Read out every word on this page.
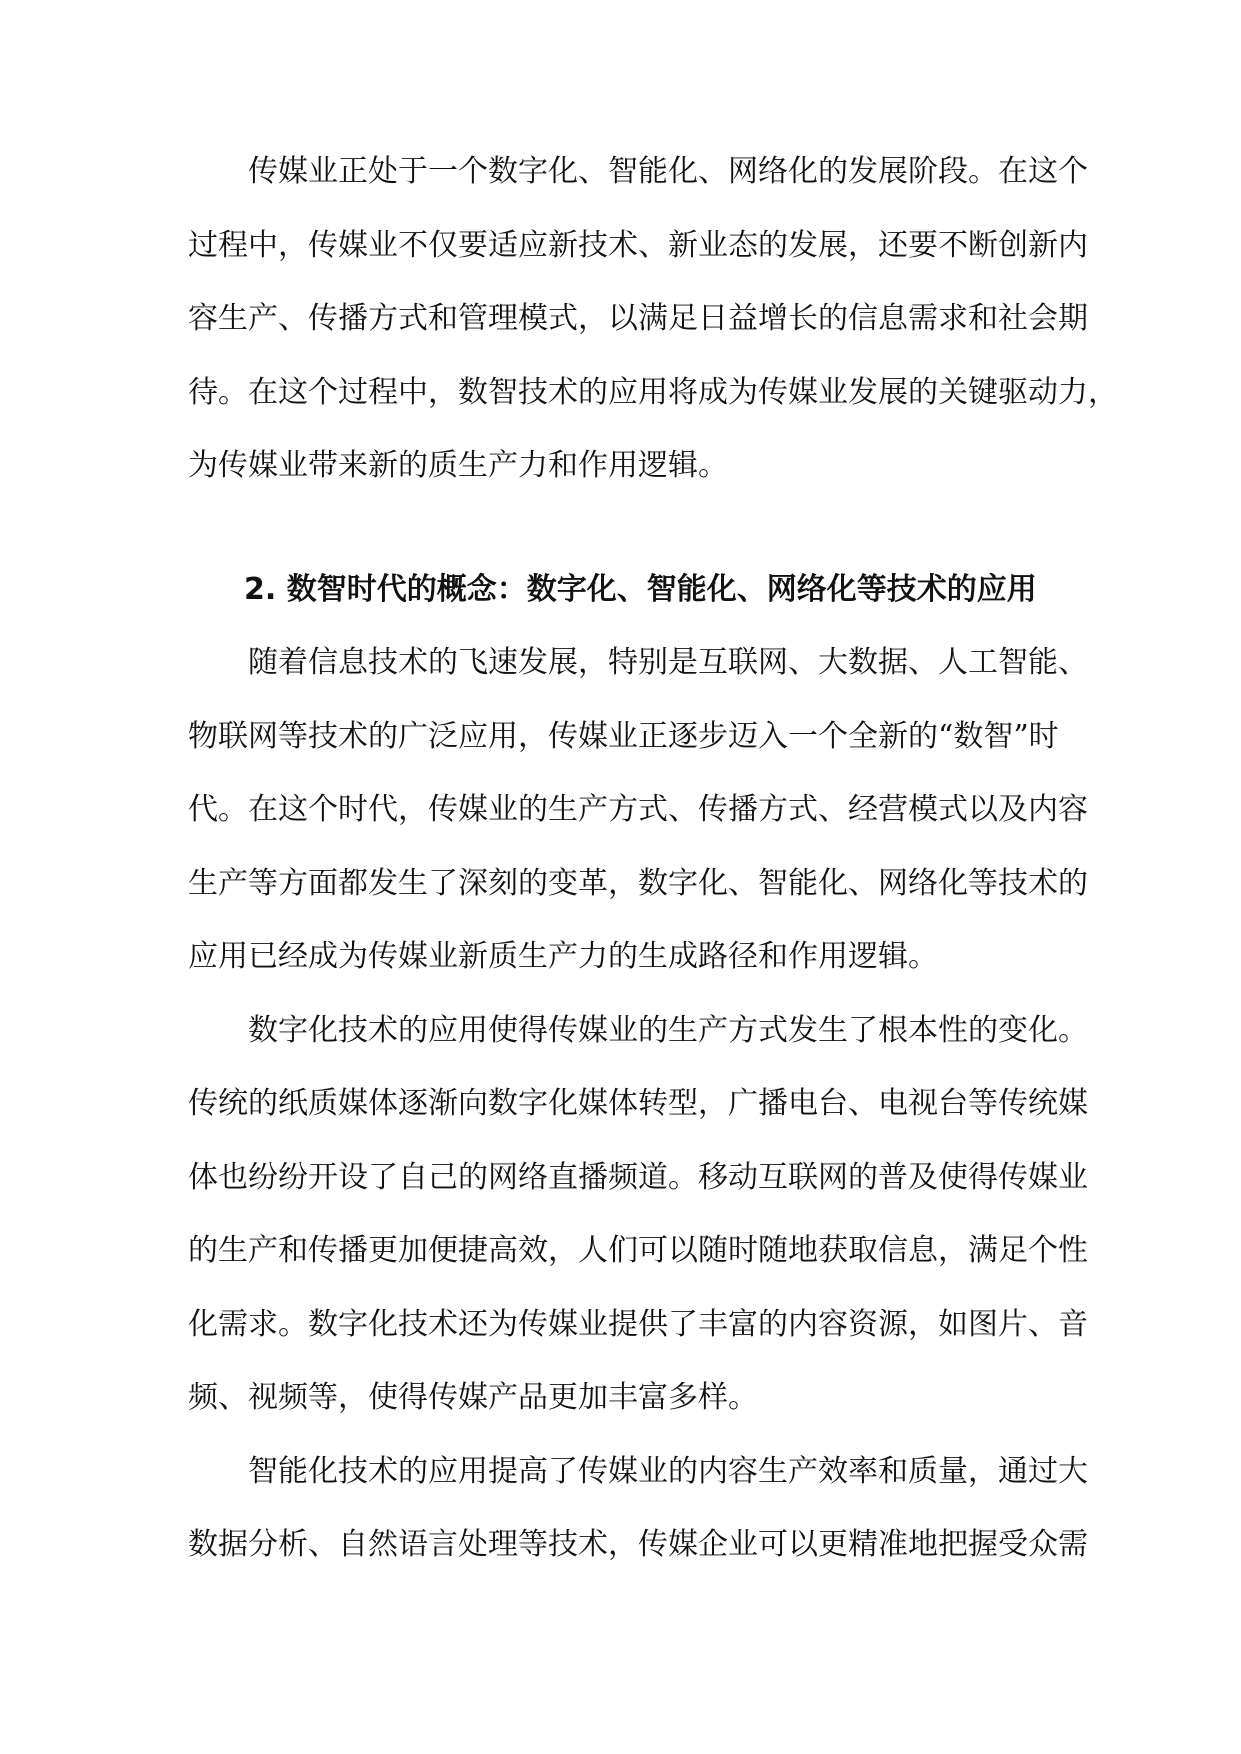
传媒业正处于一个数字化、智能化、网络化的发展阶段。在这个
过程中，传媒业不仅要适应新技术、新业态的发展，还要不断创新内
容生产、传播方式和管理模式，以满足日益增长的信息需求和社会期
待。在这个过程中，数智技术的应用将成为传媒业发展的关键驱动力，
为传媒业带来新的质生产力和作用逻辑。
2. 数智时代的概念：数字化、智能化、网络化等技术的应用
随着信息技术的飞速发展，特别是互联网、大数据、人工智能、
物联网等技术的广泛应用，传媒业正逐步迈入一个全新的“数智”时
代。在这个时代，传媒业的生产方式、传播方式、经营模式以及内容
生产等方面都发生了深刻的变革，数字化、智能化、网络化等技术的
应用已经成为传媒业新质生产力的生成路径和作用逻辑。
数字化技术的应用使得传媒业的生产方式发生了根本性的变化。
传统的纸质媒体逐渐向数字化媒体转型，广播电台、电视台等传统媒
体也纷纷开设了自己的网络直播频道。移动互联网的普及使得传媒业
的生产和传播更加便捷高效，人们可以随时随地获取信息，满足个性
化需求。数字化技术还为传媒业提供了丰富的内容资源，如图片、音
频、视频等，使得传媒产品更加丰富多样。
智能化技术的应用提高了传媒业的内容生产效率和质量，通过大
数据分析、自然语言处理等技术，传媒企业可以更精准地把握受众需
